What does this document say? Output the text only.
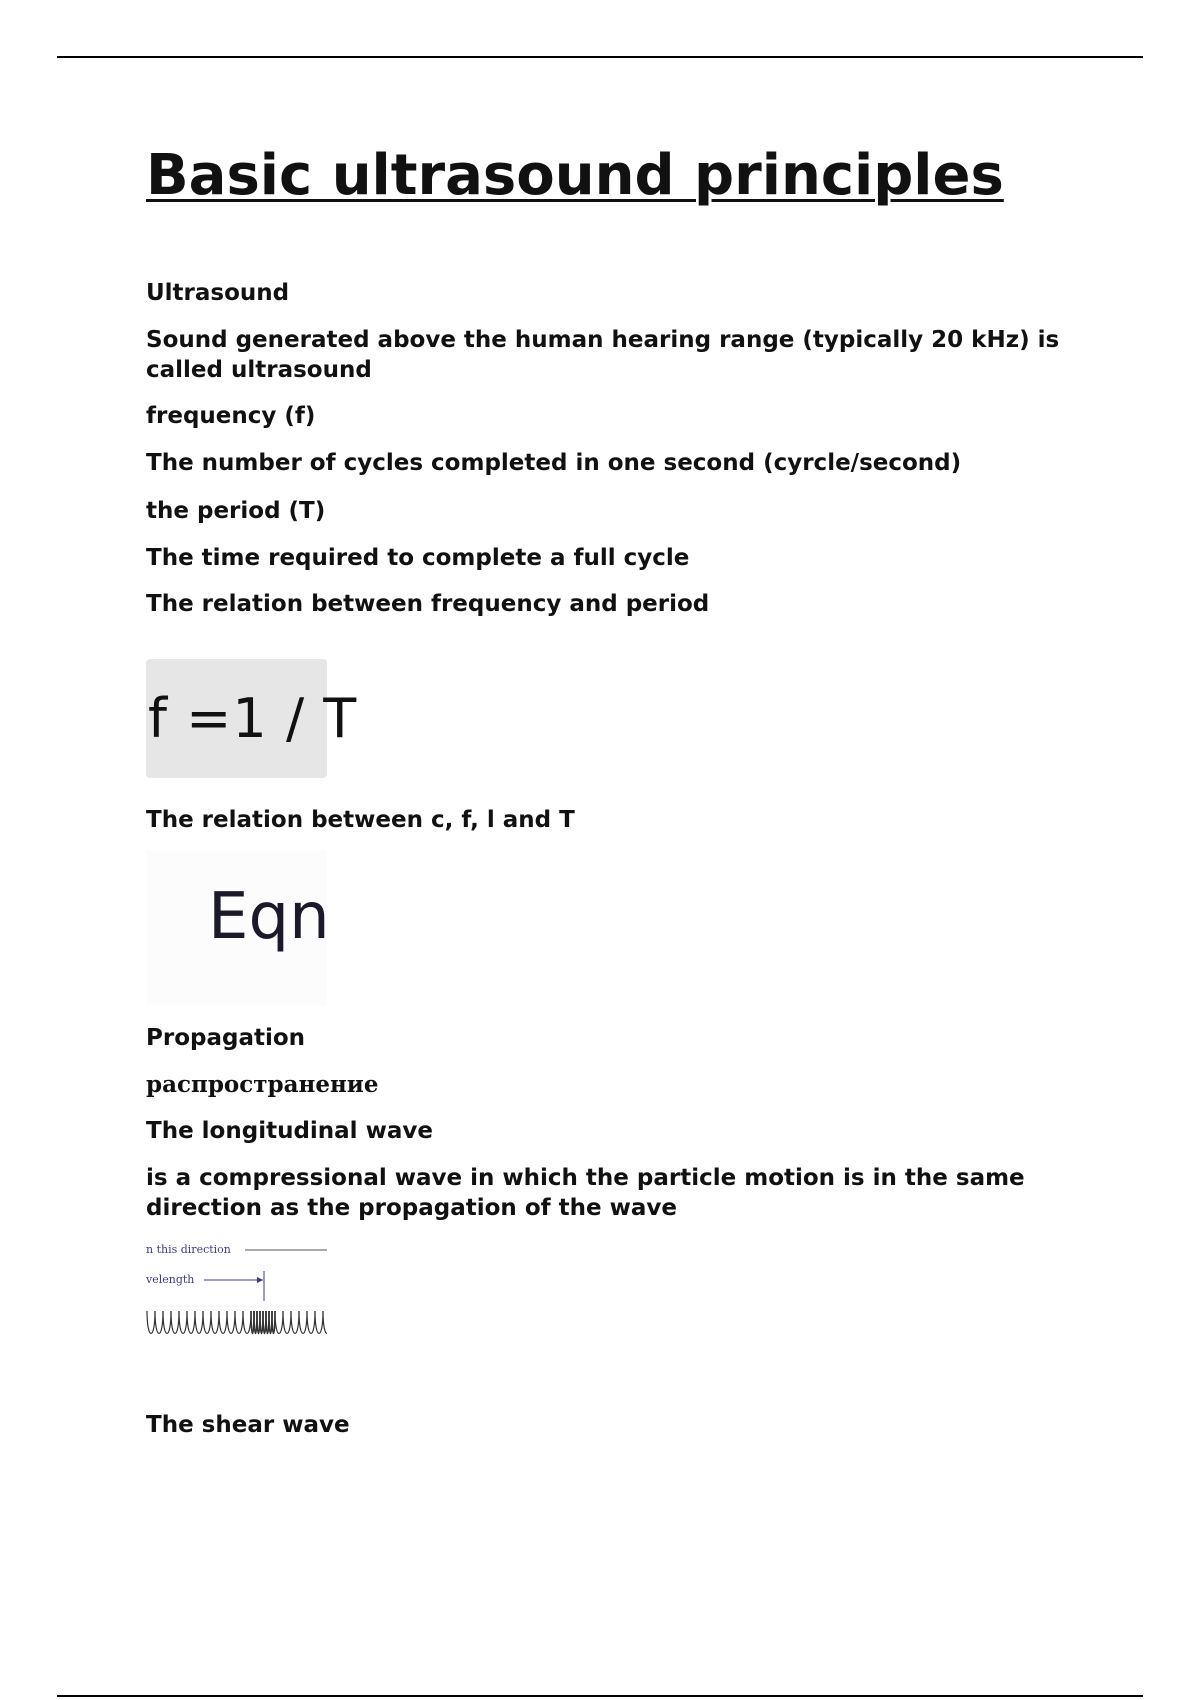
Basic ultrasound principles

Ultrasound

Sound generated above the human hearing range (typically 20 kHz) is called ultrasound

frequency (f)

The number of cycles completed in one second (cyrcle/second)

the period (T)

The time required to complete a full cycle

The relation between frequency and period

f =1 / T

The relation between c, f, l and T

Eqn

Propagation

распространение

The longitudinal wave

is a compressional wave in which the particle motion is in the same direction as the propagation of the wave

n this direction
velength

The shear wave
